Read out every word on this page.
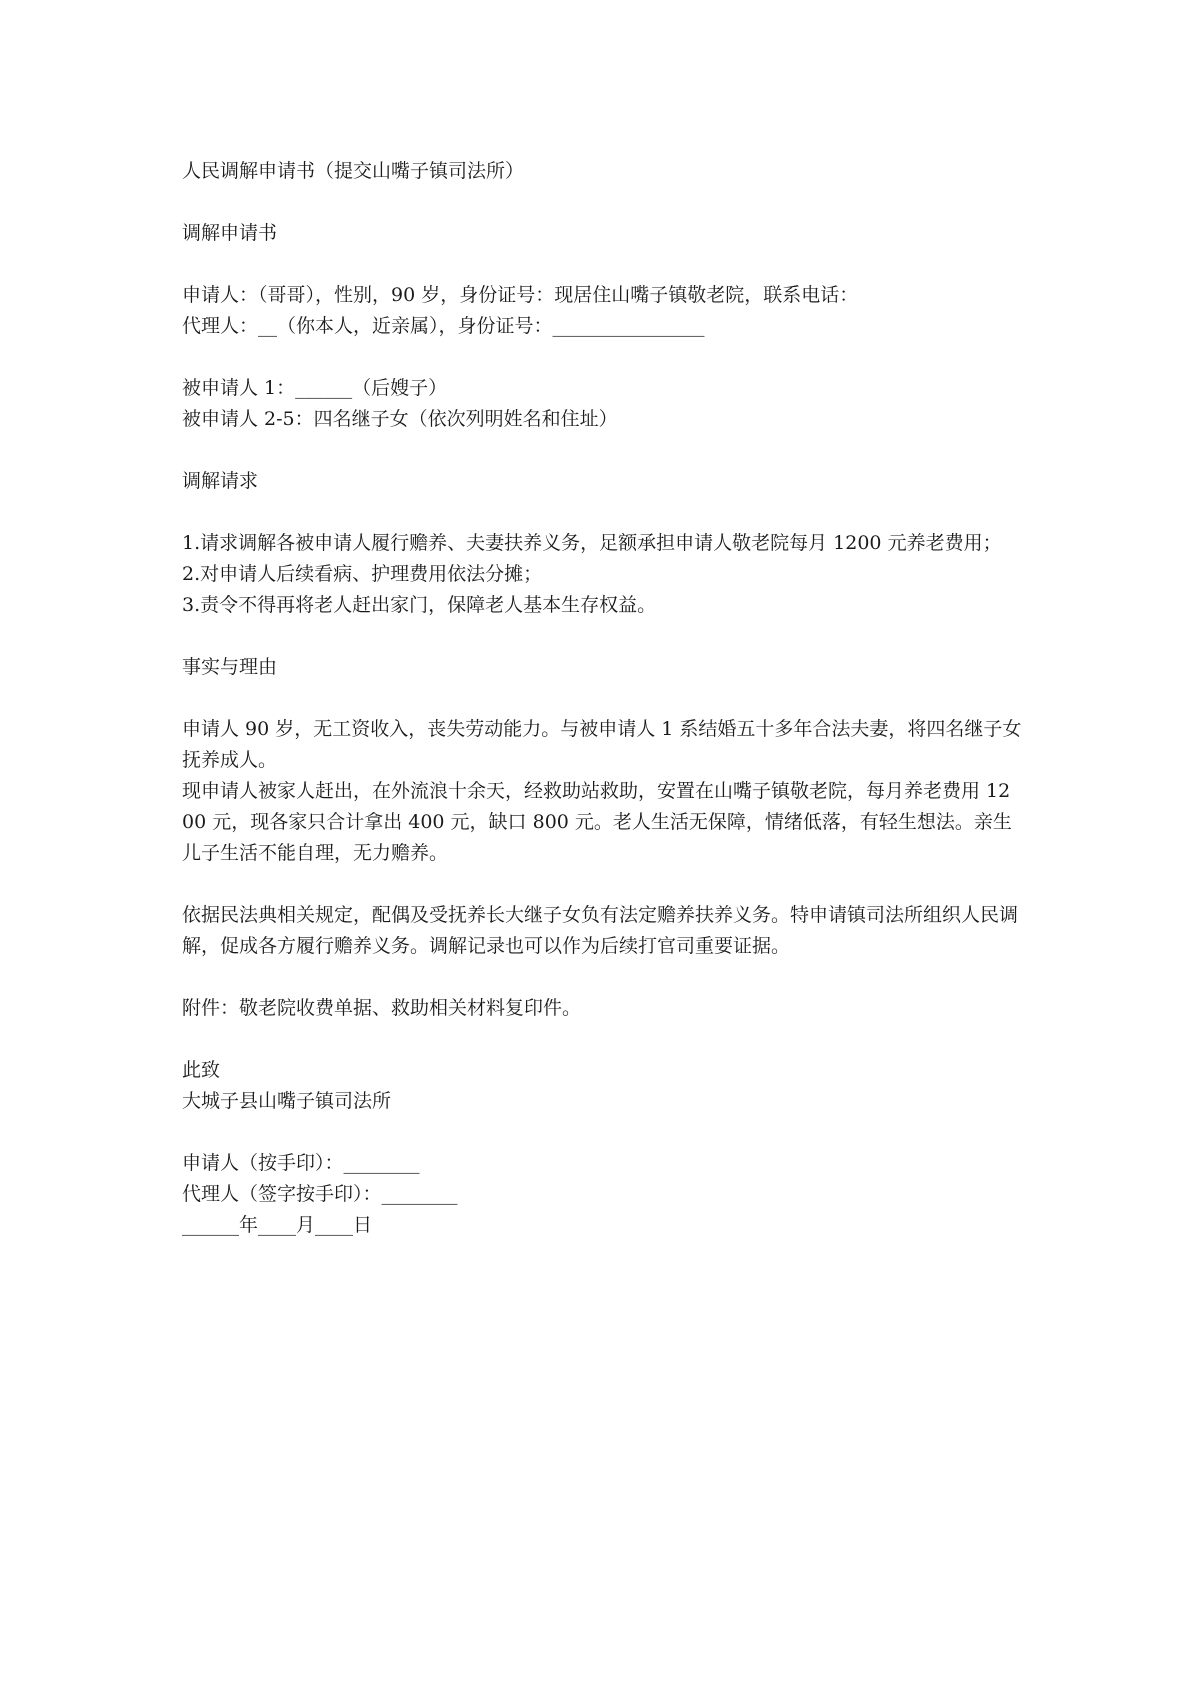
人民调解申请书（提交山嘴子镇司法所）
调解申请书
申请人：（哥哥），性别，90 岁，身份证号：现居住山嘴子镇敬老院，联系电话：
代理人：__（你本人，近亲属），身份证号：________________
被申请人 1：______（后嫂子）
被申请人 2-5：四名继子女（依次列明姓名和住址）
调解请求
1.请求调解各被申请人履行赡养、夫妻扶养义务，足额承担申请人敬老院每月 1200 元养老费用；
2.对申请人后续看病、护理费用依法分摊；
3.责令不得再将老人赶出家门，保障老人基本生存权益。
事实与理由
申请人 90 岁，无工资收入，丧失劳动能力。与被申请人 1 系结婚五十多年合法夫妻，将四名继子女抚养成人。
现申请人被家人赶出，在外流浪十余天，经救助站救助，安置在山嘴子镇敬老院，每月养老费用 1200 元，现各家只合计拿出 400 元，缺口 800 元。老人生活无保障，情绪低落，有轻生想法。亲生儿子生活不能自理，无力赡养。
依据民法典相关规定，配偶及受抚养长大继子女负有法定赡养扶养义务。特申请镇司法所组织人民调解，促成各方履行赡养义务。调解记录也可以作为后续打官司重要证据。
附件：敬老院收费单据、救助相关材料复印件。
此致
大城子县山嘴子镇司法所
申请人（按手印）：________
代理人（签字按手印）：________
______年____月____日
